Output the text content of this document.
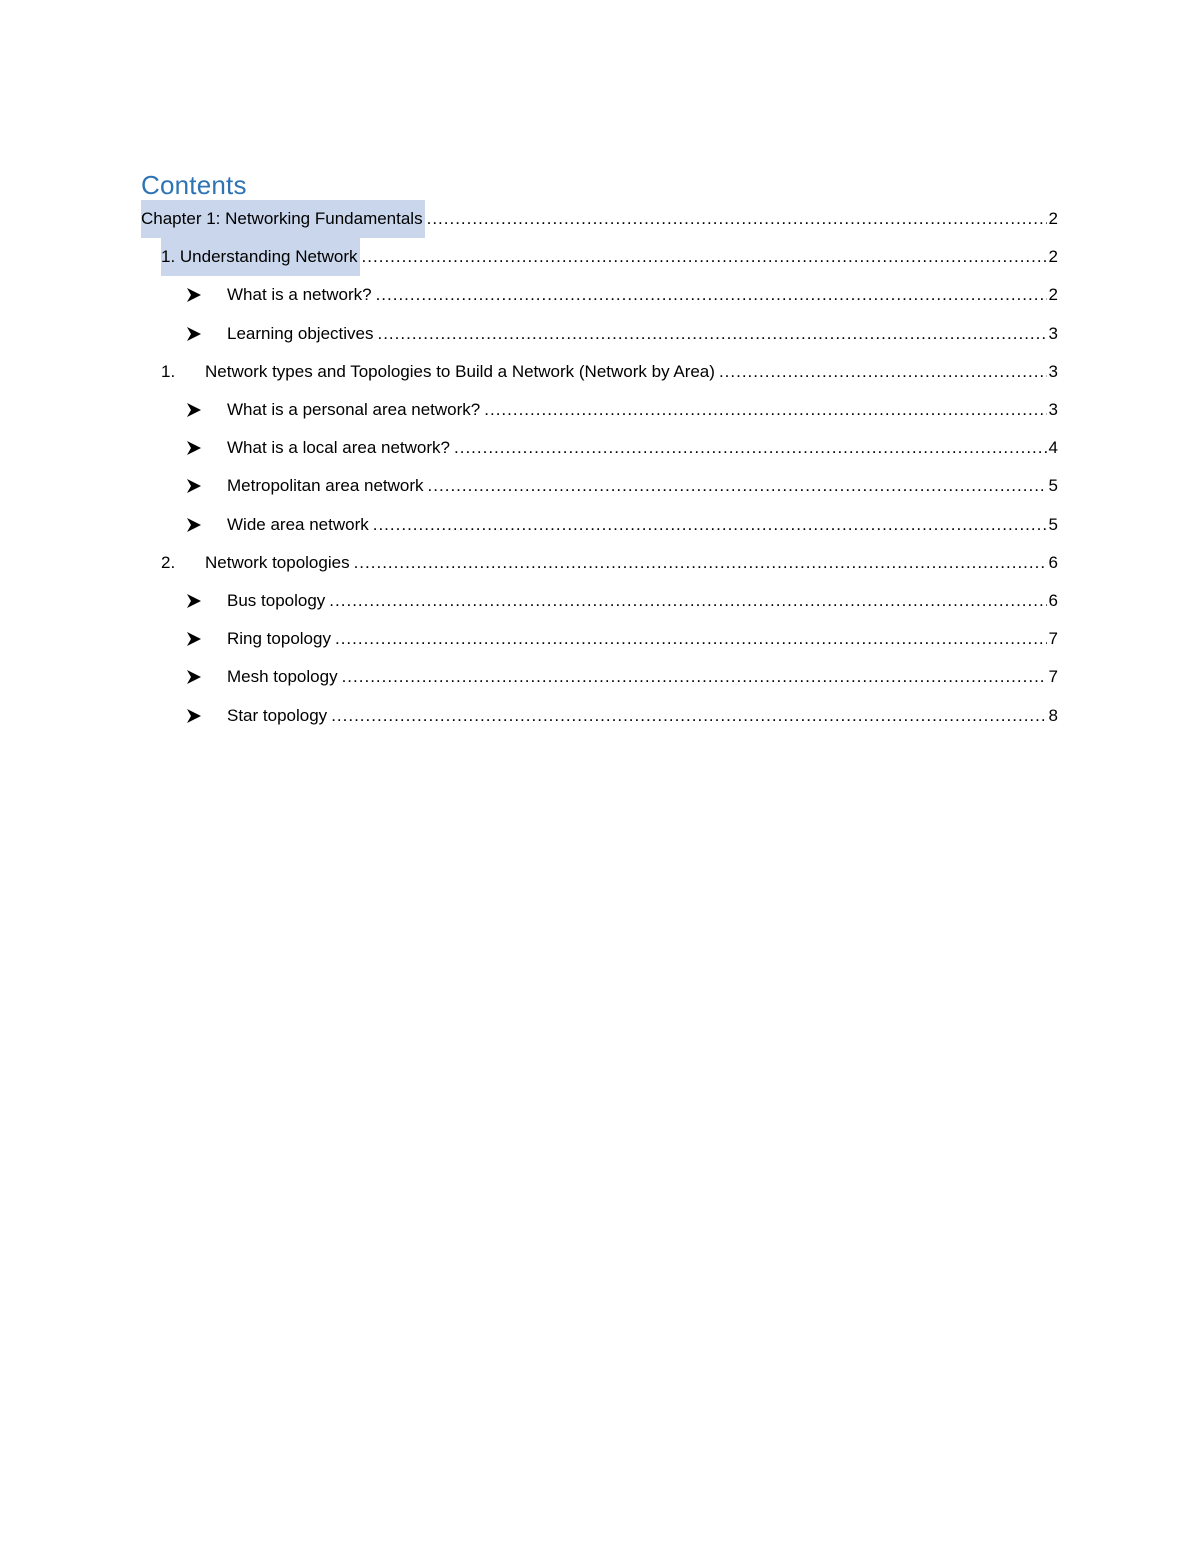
Contents
Chapter 1: Networking Fundamentals .....	2
1. Understanding Network .....	2
What is a network? .....	2
Learning objectives .....	3
1. Network types and Topologies to Build a Network (Network by Area) .....	3
What is a personal area network? .....	3
What is a local area network? .....	4
Metropolitan area network .....	5
Wide area network .....	5
2. Network topologies .....	6
Bus topology .....	6
Ring topology .....	7
Mesh topology .....	7
Star topology .....	8
